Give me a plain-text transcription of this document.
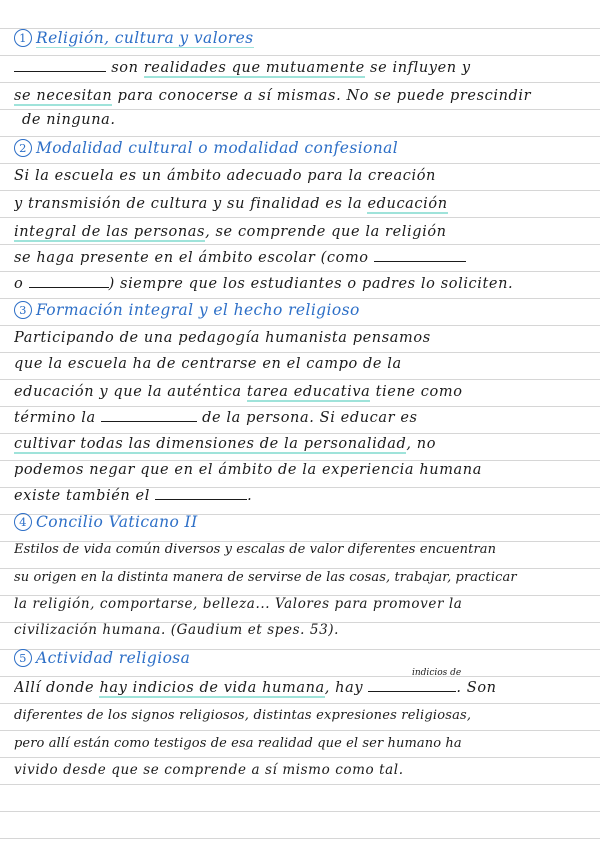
1 Religión, cultura y valores
son realidades que mutuamente se influyen y
se necesitan para conocerse a sí mismas. No se puede prescindir
de ninguna.
2 Modalidad cultural o modalidad confesional
Si la escuela es un ámbito adecuado para la creación
y transmisión de cultura y su finalidad es la educación
integral de las personas, se comprende que la religión
se haga presente en el ámbito escolar (como
o	) siempre que los estudiantes o padres lo soliciten.
3 Formación integral y el hecho religioso
Participando de una pedagogía humanista pensamos
que la escuela ha de centrarse en el campo de la
educación y que la auténtica tarea educativa tiene como
término la	de la persona. Si educar es
cultivar todas las dimensiones de la personalidad, no
podemos negar que en el ámbito de la experiencia humana
existe también el	.
4 Concilio Vaticano II
Estilos de vida común diversos y escalas de valor diferentes encuentran
su origen en la distinta manera de servirse de las cosas, trabajar, practicar
la religión, comportarse, belleza... Valores para promover la
civilización humana. (Gaudium et spes. 53).
5 Actividad religiosa
indicios de
Allí donde hay indicios de vida humana, hay	. Son
diferentes de los signos religiosos, distintas expresiones religiosas,
pero allí están como testigos de esa realidad que el ser humano ha
vivido desde que se comprende a sí mismo como tal.
